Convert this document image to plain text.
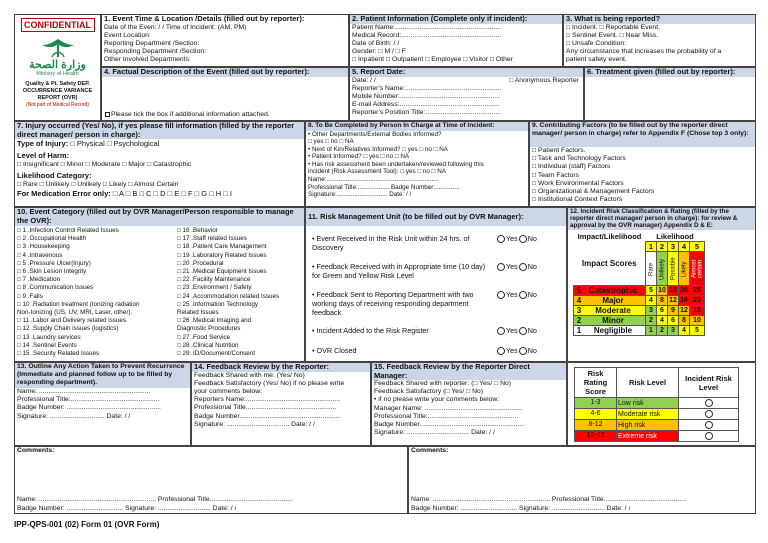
CONFIDENTIAL
وزارة الصحة
Ministry of Health
Quality & Pt. Safety DEP.
OCCURRENCE VARIANCE REPORT (OVR)
(Not part of Medical Record)
1. Event Time & Location /Details (filled out by reporter):
Date of the Even: / / Time of Incident: (AM, PM)
Event Location:
Reporting Department /Section:
Responding Department /Section:
Other Involved Departments:
2. Patient Information (Complete only if incident):
Patient Name:........................................................
Medical Record:.....................................................
Date of Birth: / /
Gender: □ M / □ F
□ Inpatient □ Outpatient □ Employee □ Visitor □ Other
3. What is being reported?
□ Incident. □ Reportable Event.
□ Sentinel Event. □ Near Miss.
□ Unsafe Condition:
Any circumstance that increases the probability of a
patient safety event.
4. Factual Description of the Event (filled out by reporter):
Please tick the box if additional information attached.
5. Report Date:
Date: / /	□ Anonymous Reporter
Reporter's Name:...................................................
Mobile Number:.....................................................
E-mail Address:.....................................................
Reporter's Position Title:........................................
6. Treatment given (filled out by reporter):
7. Injury occurred (Yes/ No), if yes please fill information (filled by the reporter direct manager/ person in charge):
Type of Injury: □ Physical □ Psychological
Level of Harm:
□ Insignificant □ Minor □ Moderate □ Major □ Catastrophic
Likelihood Category:
□ Rare □ Unlikely □ Unlikely □ Likely □ Almost Certain
For Medication Error only: □ A □ B □ C □ D □ E □ F □ G □ H □ I
8. To Be Completed by Person In Charge at Time of Incident:
• Other Departments/External Bodies Informed?
□ yes □ no □ NA
• Next of Kin/Relatives Informed? □ yes □ no □ NA
• Patient Informed? □ yes □ no □ NA
• Has risk assessment been undertaken/reviewed following this
incident (Risk Assessment Tool): □ yes □ no □ NA
Name:................................................................
Professional Title:.................. Badge Number:..............
Signature:............................. Date: / /
9. Contributing Factors (to be filled out by the reporter direct manager/ person in charge) refer to Appendix F (Chose top 3 only):
□ Patient Factors.
□ Task and Technology Factors
□ Individual (staff) Factors
□ Team Factors
□ Work Environmental Factors
□ Organizational & Management Factors
□ Institutional Context Factors
10. Event Category (filled out by OVR Manager/Person responsible to manage the OVR):
□ 1 .Infection Control Related Issues
□ 2 .Occupational Health
□ 3 .Housekeeping
□ 4 .Intravenous
□ 5 .Pressure Ulcer(Injury)
□ 6 .Skin Lesion Integrity
□ 7 .Medication
□ 8 .Communication Issues
□ 9 .Falls
□ 10 .Radiation treatment (Ionizing radiation
Non-Ionizing (US, UV, MRI, Laser, other).
□ 11 .Labor and Delivery related issues
□ 12 .Supply Chain issues (logistics)
□ 13 .Laundry services
□ 14 .Sentinel Events
□ 15 .Security Related Issues
□ 16 .Behavior
□ 17 .Staff related Issues
□ 18 .Patient Care Management
□ 19 .Laboratory Related Issues
□ 20 .Procedural
□ 21 .Medical Equipment Issues
□ 22 .Facility Maintenance
□ 23 .Environment / Safety
□ 24 .Accommodation related Issues
□ 25 .Information Technology
Related Issues
□ 26 .Medical Imaging and
Diagnostic Procedures
□ 27 .Food Service
□ 28 .Clinical Nutrition
□ 29. ID/Document/Consent
11. Risk Management Unit (to be filled out by OVR Manager):
• Event Received in the Risk Unit within 24 hrs. of Discovery
Yes No
• Feedback Received with in Appropriate time (10 day) for Green and Yellow Risk Level
Yes No
• Feedback Sent to Reporting Department with two working days of receiving responding department feedback
Yes No
• Incident Added to the Risk Register	Yes No
• OVR Closed	Yes No
12. Incident Risk Classification & Rating (filled by the reporter direct manager/ person in charge): for review & approval by the OVR manager) Appendix D & E:
Impact/Likelihood	Likelihood				
Impact Scores	1	2	3	4	5
	Rare	Unlikely	Possible	Likely	Almost certain
5 Catastrophic	5	10	15	20	25
4 Major	4	8	12	16	20
3 Moderate	3	6	9	12	15
2 Minor	2	4	6	8	10
1 Negligible	1	2	3	4	5
13. Outline Any Action Taken to Prevent Recurrence (Immediate and planned follow up to be filled by responding department).
Name: ...........................................................
Professional Title:...............................................
Badge Number: ..................................................
Signature: ............................. Date: / /
14. Feedback Review by the Reporter:
Feedback Shared with me: (Yes/ No)
Feedback Satisfactory (Yes/ No) if no please write
your comments below:
Reporters Name:..................................................
Professional Title................................................
Badge Number.....................................................
Signature: ................................. Date: / /
15. Feedback Review by the Reporter Direct Manager:
Feedback Shared with reporter: (□ Yes/ □ No)
Feedback Satisfactory (□ Yes/ □ No)
• if no please write your comments below:
Manager Name: ....................................................
Professional Title:................................................
Badge Number.......................................................
Signature: ................................. Date: / /
Risk Rating Score	Risk Level	Incident Risk Level
1-3	Low risk	
4-6	Moderate risk	
8-12	High risk	
15-25	Extreme risk	
Comments:
Name: .............................................................. Professional Title............................................
Badge Number: .............................. Signature: ............................ Date: / /
Comments:
Name: .............................................................. Professional Title............................................
Badge Number: .............................. Signature: ............................ Date: / /
IPP-QPS-001 (02) Form 01 (OVR Form)
